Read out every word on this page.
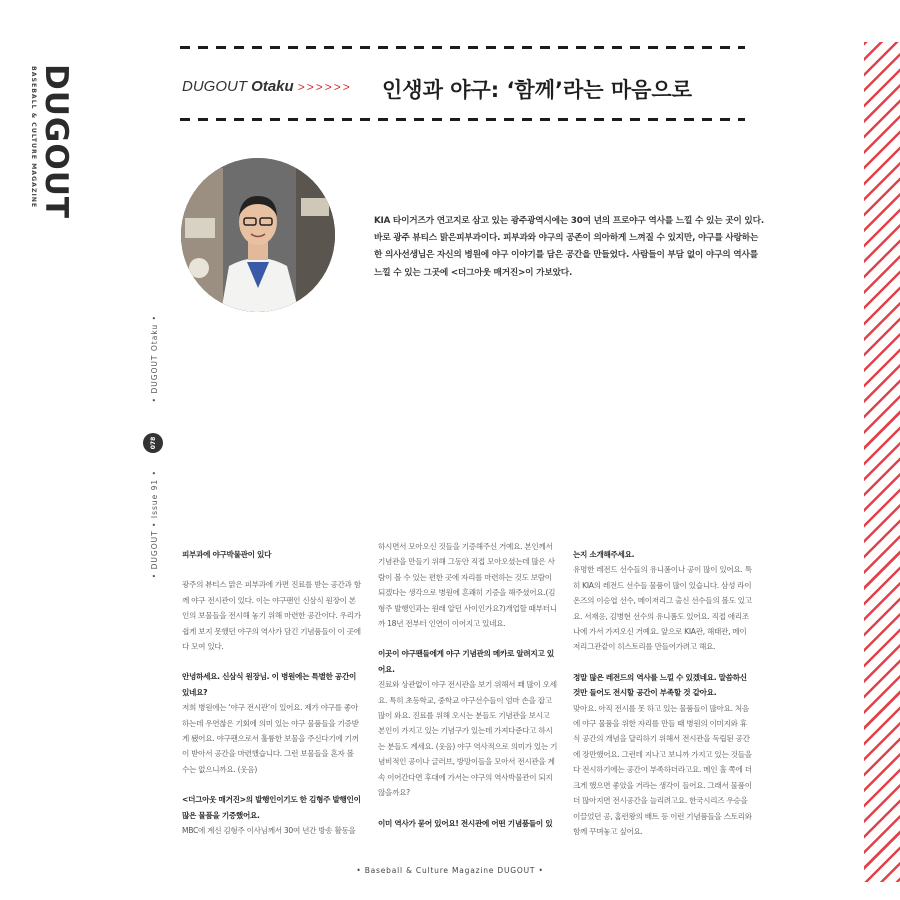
BASEBALL & CULTURE MAGAZINE DUGOUT
• DUGOUT Otaku •
078
• DUGOUT • Issue 91 •
DUGOUT Otaku >>>>>> 인생과 야구: ‘함께’라는 마음으로
KIA 타이거즈가 연고지로 삼고 있는 광주광역시에는 30여 년의 프로야구 역사를 느낄 수 있는 곳이 있다. 바로 광주 뷰티스 맑은피부과이다. 피부과와 야구의 공존이 의아하게 느껴질 수 있지만, 야구를 사랑하는 한 의사선생님은 자신의 병원에 야구 이야기를 담은 공간을 만들었다. 사람들이 부담 없이 야구의 역사를 느낄 수 있는 그곳에 <더그아웃 매거진>이 가보았다.

피부과에 야구박물관이 있다

광주의 뷰티스 맑은 피부과에 가면 진료를 받는 공간과 함께 야구 전시관이 있다. 이는 야구팬인 신삼식 원장이 본인의 보물들을 전시해 놓기 위해 마련한 공간이다. 우리가 쉽게 보지 못했던 야구의 역사가 담긴 기념품들이 이 곳에 다 모여 있다.

안녕하세요. 신삼식 원장님. 이 병원에는 특별한 공간이 있네요?

저희 병원에는 ‘야구 전시관’이 있어요. 제가 야구를 좋아하는데 우연찮은 기회에 의미 있는 야구 물품들을 기증받게 됐어요. 야구팬으로서 훌륭한 보물을 주신다기에 기꺼이 받아서 공간을 마련했습니다. 그런 보물들을 혼자 볼 수는 없으니까요. (웃음)

<더그아웃 매거진>의 발행인이기도 한 김형주 발행인이 많은 물품을 기증했어요.

MBC에 계신 김형주 이사님께서 30여 년간 방송 활동을

하시면서 모아오신 것들을 기증해주신 거예요. 본인께서 기념관을 만들기 위해 그동안 직접 모아오셨는데 많은 사람이 볼 수 있는 편한 곳에 자리를 마련하는 것도 보람이 되겠다는 생각으로 병원에 흔쾌히 기증을 해주셨어요.(김형주 발행인과는 원래 알던 사이인가요?)개업할 때부터니까 18년 전부터 인연이 이어지고 있네요.

이곳이 야구팬들에게 야구 기념관의 메카로 알려지고 있어요.

진료와 상관없이 야구 전시관을 보기 위해서 꽤 많이 오세요. 특히 초등학교, 중학교 야구선수들이 엄마 손을 잡고 많이 와요. 진료를 위해 오시는 분들도 기념관을 보시고 본인이 가지고 있는 기념구가 있는데 가져다준다고 하시는 분들도 계세요. (웃음) 야구 역사적으로 의미가 있는 기념비적인 공이나 글러브, 방망이들을 모아서 전시관을 계속 이어간다면 후대에 가서는 야구의 역사박물관이 되지 않을까요?

이미 역사가 묻어 있어요! 전시관에 어떤 기념품들이 있

는지 소개해주세요.

유명한 레전드 선수들의 유니폼이나 공이 많이 있어요. 특히 KIA의 레전드 선수들 물품이 많이 있습니다. 삼성 라이온즈의 이승엽 선수, 메이저리그 출신 선수들의 볼도 있고요. 서재응, 김병현 선수의 유니폼도 있어요. 직접 애리조나에 가서 가져오신 거예요. 앞으로 KIA관, 해태관, 메이저리그관같이 히스토리를 만들어가려고 해요.

정말 많은 레전드의 역사를 느낄 수 있겠네요. 말씀하신 것만 들어도 전시할 공간이 부족할 것 같아요.

맞아요. 아직 전시를 못 하고 있는 물품들이 많아요. 처음에 야구 물품을 위한 자리를 만들 때 병원의 이미지와 휴식 공간의 개념을 달리하기 위해서 전시관을 독립된 공간에 장만했어요. 그런데 지나고 보니까 가지고 있는 것들을 다 전시하기에는 공간이 부족하더라고요. 메인 홀 쪽에 더 크게 했으면 좋았을 거라는 생각이 들어요. 그래서 물품이 더 많아지면 전시공간을 늘리려고요. 한국시리즈 우승을 이끌었던 공, 홈런왕의 배트 등 이런 기념품들을 스토리와 함께 꾸며놓고 싶어요.

• Baseball & Culture Magazine DUGOUT •
